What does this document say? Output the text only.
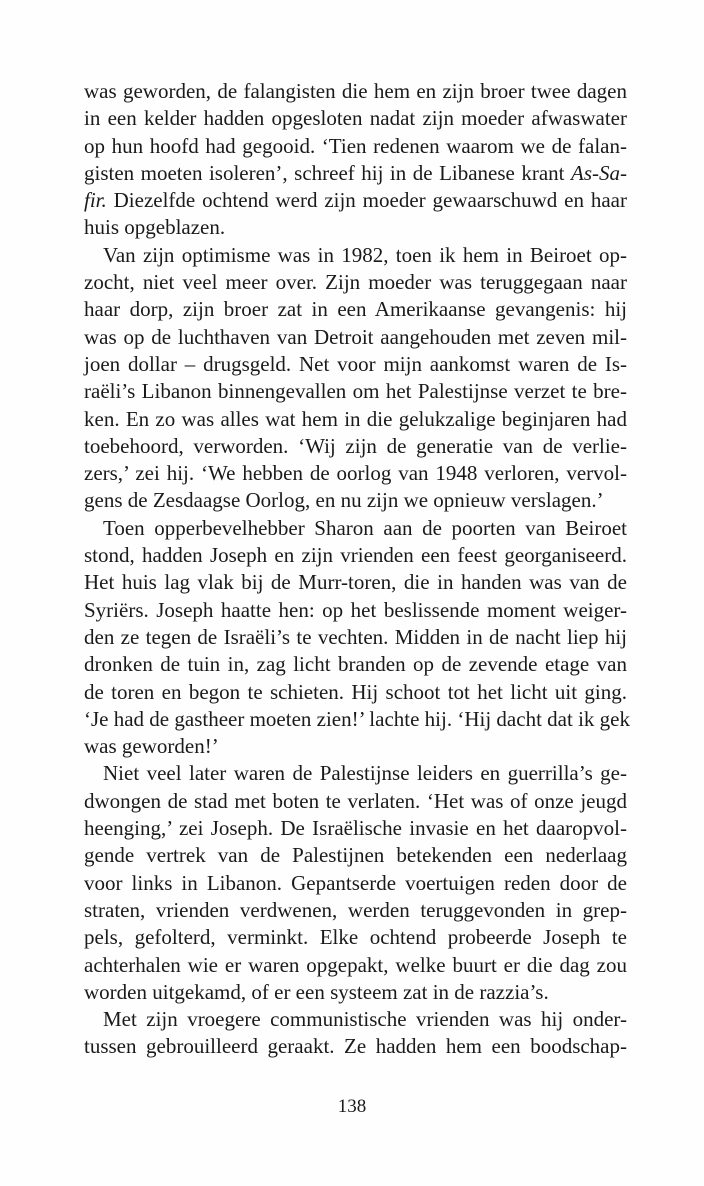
was geworden, de falangisten die hem en zijn broer twee dagen
in een kelder hadden opgesloten nadat zijn moeder afwaswater
op hun hoofd had gegooid. ‘Tien redenen waarom we de falan-
gisten moeten isoleren’, schreef hij in de Libanese krant As-Sa-
fir. Diezelfde ochtend werd zijn moeder gewaarschuwd en haar
huis opgeblazen.
Van zijn optimisme was in 1982, toen ik hem in Beiroet op-
zocht, niet veel meer over. Zijn moeder was teruggegaan naar
haar dorp, zijn broer zat in een Amerikaanse gevangenis: hij
was op de luchthaven van Detroit aangehouden met zeven mil-
joen dollar – drugsgeld. Net voor mijn aankomst waren de Is-
raëli’s Libanon binnengevallen om het Palestijnse verzet te bre-
ken. En zo was alles wat hem in die gelukzalige beginjaren had
toebehoord, verworden. ‘Wij zijn de generatie van de verlie-
zers,’ zei hij. ‘We hebben de oorlog van 1948 verloren, vervol-
gens de Zesdaagse Oorlog, en nu zijn we opnieuw verslagen.’
Toen opperbevelhebber Sharon aan de poorten van Beiroet
stond, hadden Joseph en zijn vrienden een feest georganiseerd.
Het huis lag vlak bij de Murr-toren, die in handen was van de
Syriërs. Joseph haatte hen: op het beslissende moment weiger-
den ze tegen de Israëli’s te vechten. Midden in de nacht liep hij
dronken de tuin in, zag licht branden op de zevende etage van
de toren en begon te schieten. Hij schoot tot het licht uit ging.
‘Je had de gastheer moeten zien!’ lachte hij. ‘Hij dacht dat ik gek
was geworden!’
Niet veel later waren de Palestijnse leiders en guerrilla’s ge-
dwongen de stad met boten te verlaten. ‘Het was of onze jeugd
heenging,’ zei Joseph. De Israëlische invasie en het daaropvol-
gende vertrek van de Palestijnen betekenden een nederlaag
voor links in Libanon. Gepantserde voertuigen reden door de
straten, vrienden verdwenen, werden teruggevonden in grep-
pels, gefolterd, verminkt. Elke ochtend probeerde Joseph te
achterhalen wie er waren opgepakt, welke buurt er die dag zou
worden uitgekamd, of er een systeem zat in de razzia’s.
Met zijn vroegere communistische vrienden was hij onder-
tussen gebrouilleerd geraakt. Ze hadden hem een boodschap-
138
